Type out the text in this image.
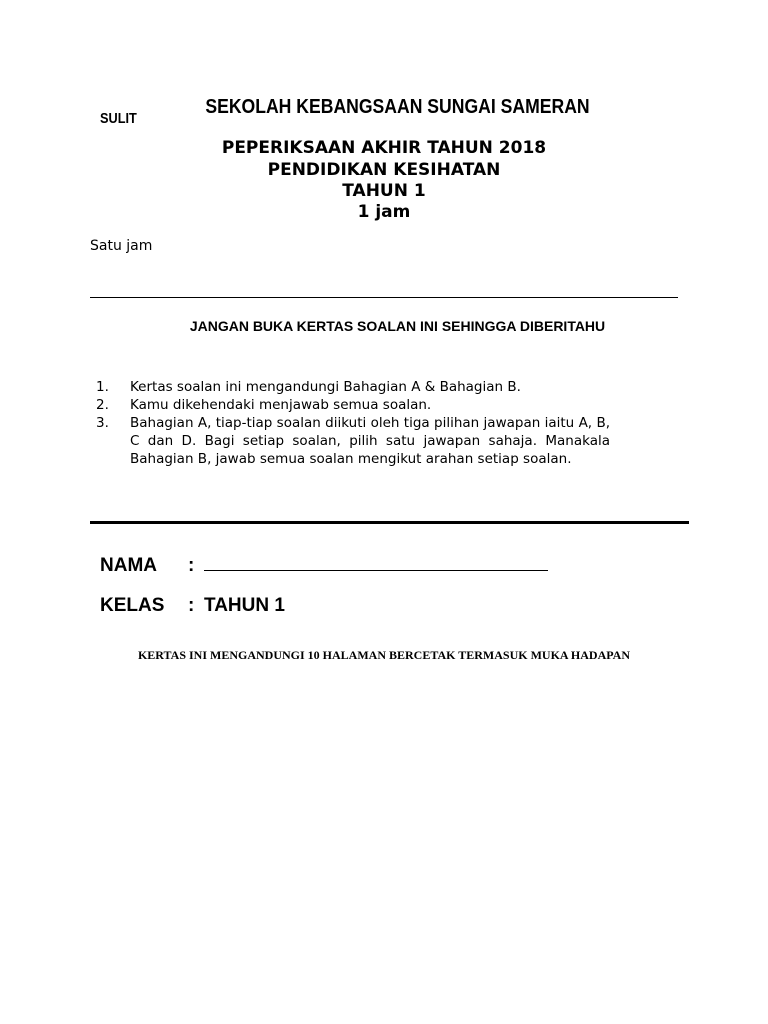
SULIT
SEKOLAH KEBANGSAAN SUNGAI SAMERAN
PEPERIKSAAN AKHIR TAHUN 2018
PENDIDIKAN KESIHATAN
TAHUN 1
1 jam
Satu jam
JANGAN BUKA KERTAS SOALAN INI SEHINGGA DIBERITAHU
1. Kertas soalan ini mengandungi Bahagian A & Bahagian B.
2. Kamu dikehendaki menjawab semua soalan.
3. Bahagian A, tiap-tiap soalan diikuti oleh tiga pilihan jawapan iaitu A, B, C dan D. Bagi setiap soalan, pilih satu jawapan sahaja. Manakala Bahagian B, jawab semua soalan mengikut arahan setiap soalan.
NAMA :
KELAS : TAHUN 1
KERTAS INI MENGANDUNGI 10 HALAMAN BERCETAK TERMASUK MUKA HADAPAN
